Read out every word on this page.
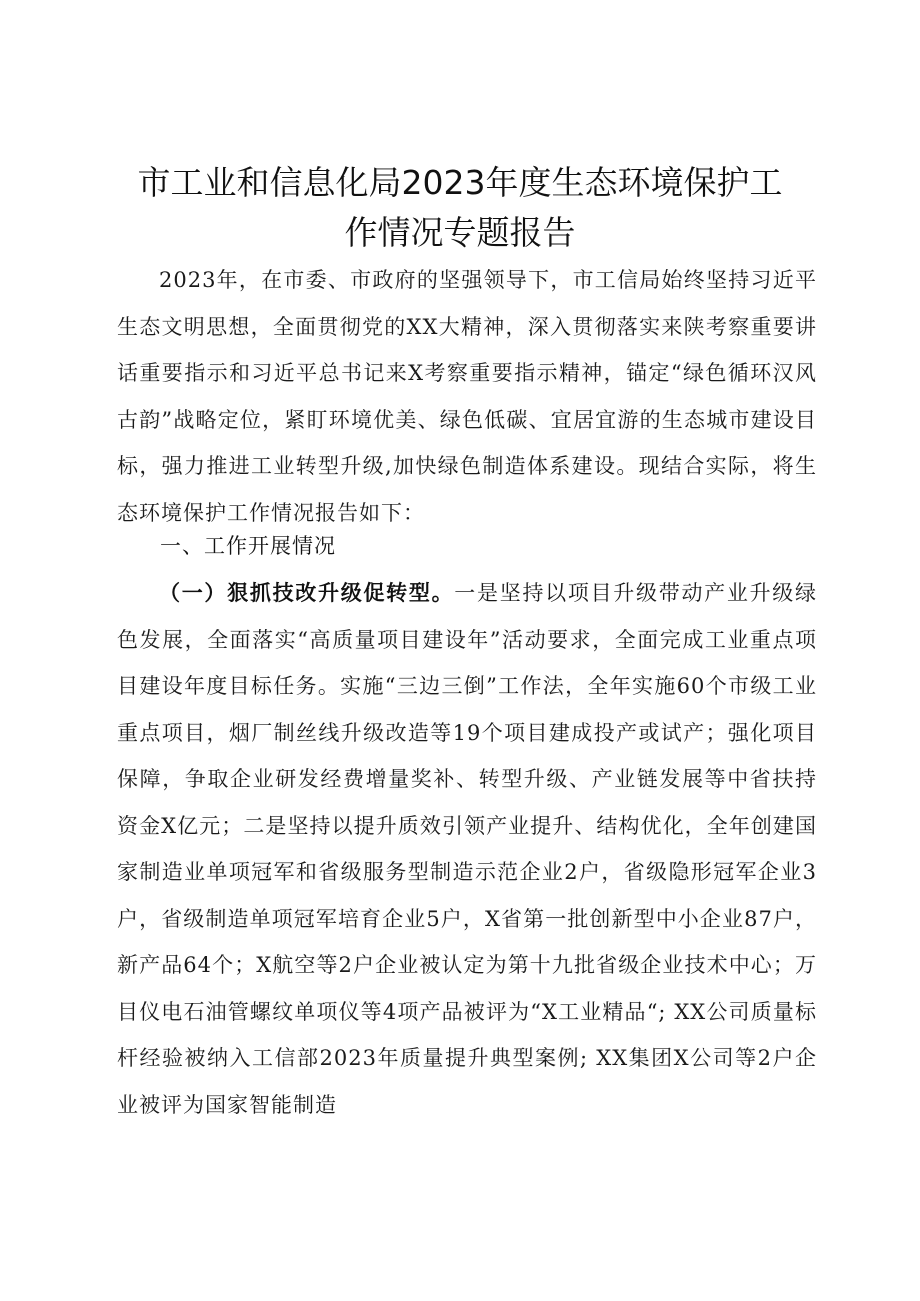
市工业和信息化局2023年度生态环境保护工
作情况专题报告

2023年，在市委、市政府的坚强领导下，市工信局始终坚持习近平生态文明思想，全面贯彻党的XX大精神，深入贯彻落实来陕考察重要讲话重要指示和习近平总书记来X考察重要指示精神，锚定“绿色循环汉风古韵”战略定位，紧盯环境优美、绿色低碳、宜居宜游的生态城市建设目标，强力推进工业转型升级,加快绿色制造体系建设。现结合实际，将生态环境保护工作情况报告如下：

一、工作开展情况

（一）狠抓技改升级促转型。一是坚持以项目升级带动产业升级绿色发展，全面落实“高质量项目建设年”活动要求，全面完成工业重点项目建设年度目标任务。实施“三边三倒”工作法，全年实施60个市级工业重点项目，烟厂制丝线升级改造等19个项目建成投产或试产；强化项目保障，争取企业研发经费增量奖补、转型升级、产业链发展等中省扶持资金X亿元；二是坚持以提升质效引领产业提升、结构优化，全年创建国家制造业单项冠军和省级服务型制造示范企业2户，省级隐形冠军企业3户，省级制造单项冠军培育企业5户，X省第一批创新型中小企业87户，新产品64个；X航空等2户企业被认定为第十九批省级企业技术中心；万目仪电石油管螺纹单项仪等4项产品被评为“X工业精品“; XX公司质量标杆经验被纳入工信部2023年质量提升典型案例; XX集团X公司等2户企业被评为国家智能制造
